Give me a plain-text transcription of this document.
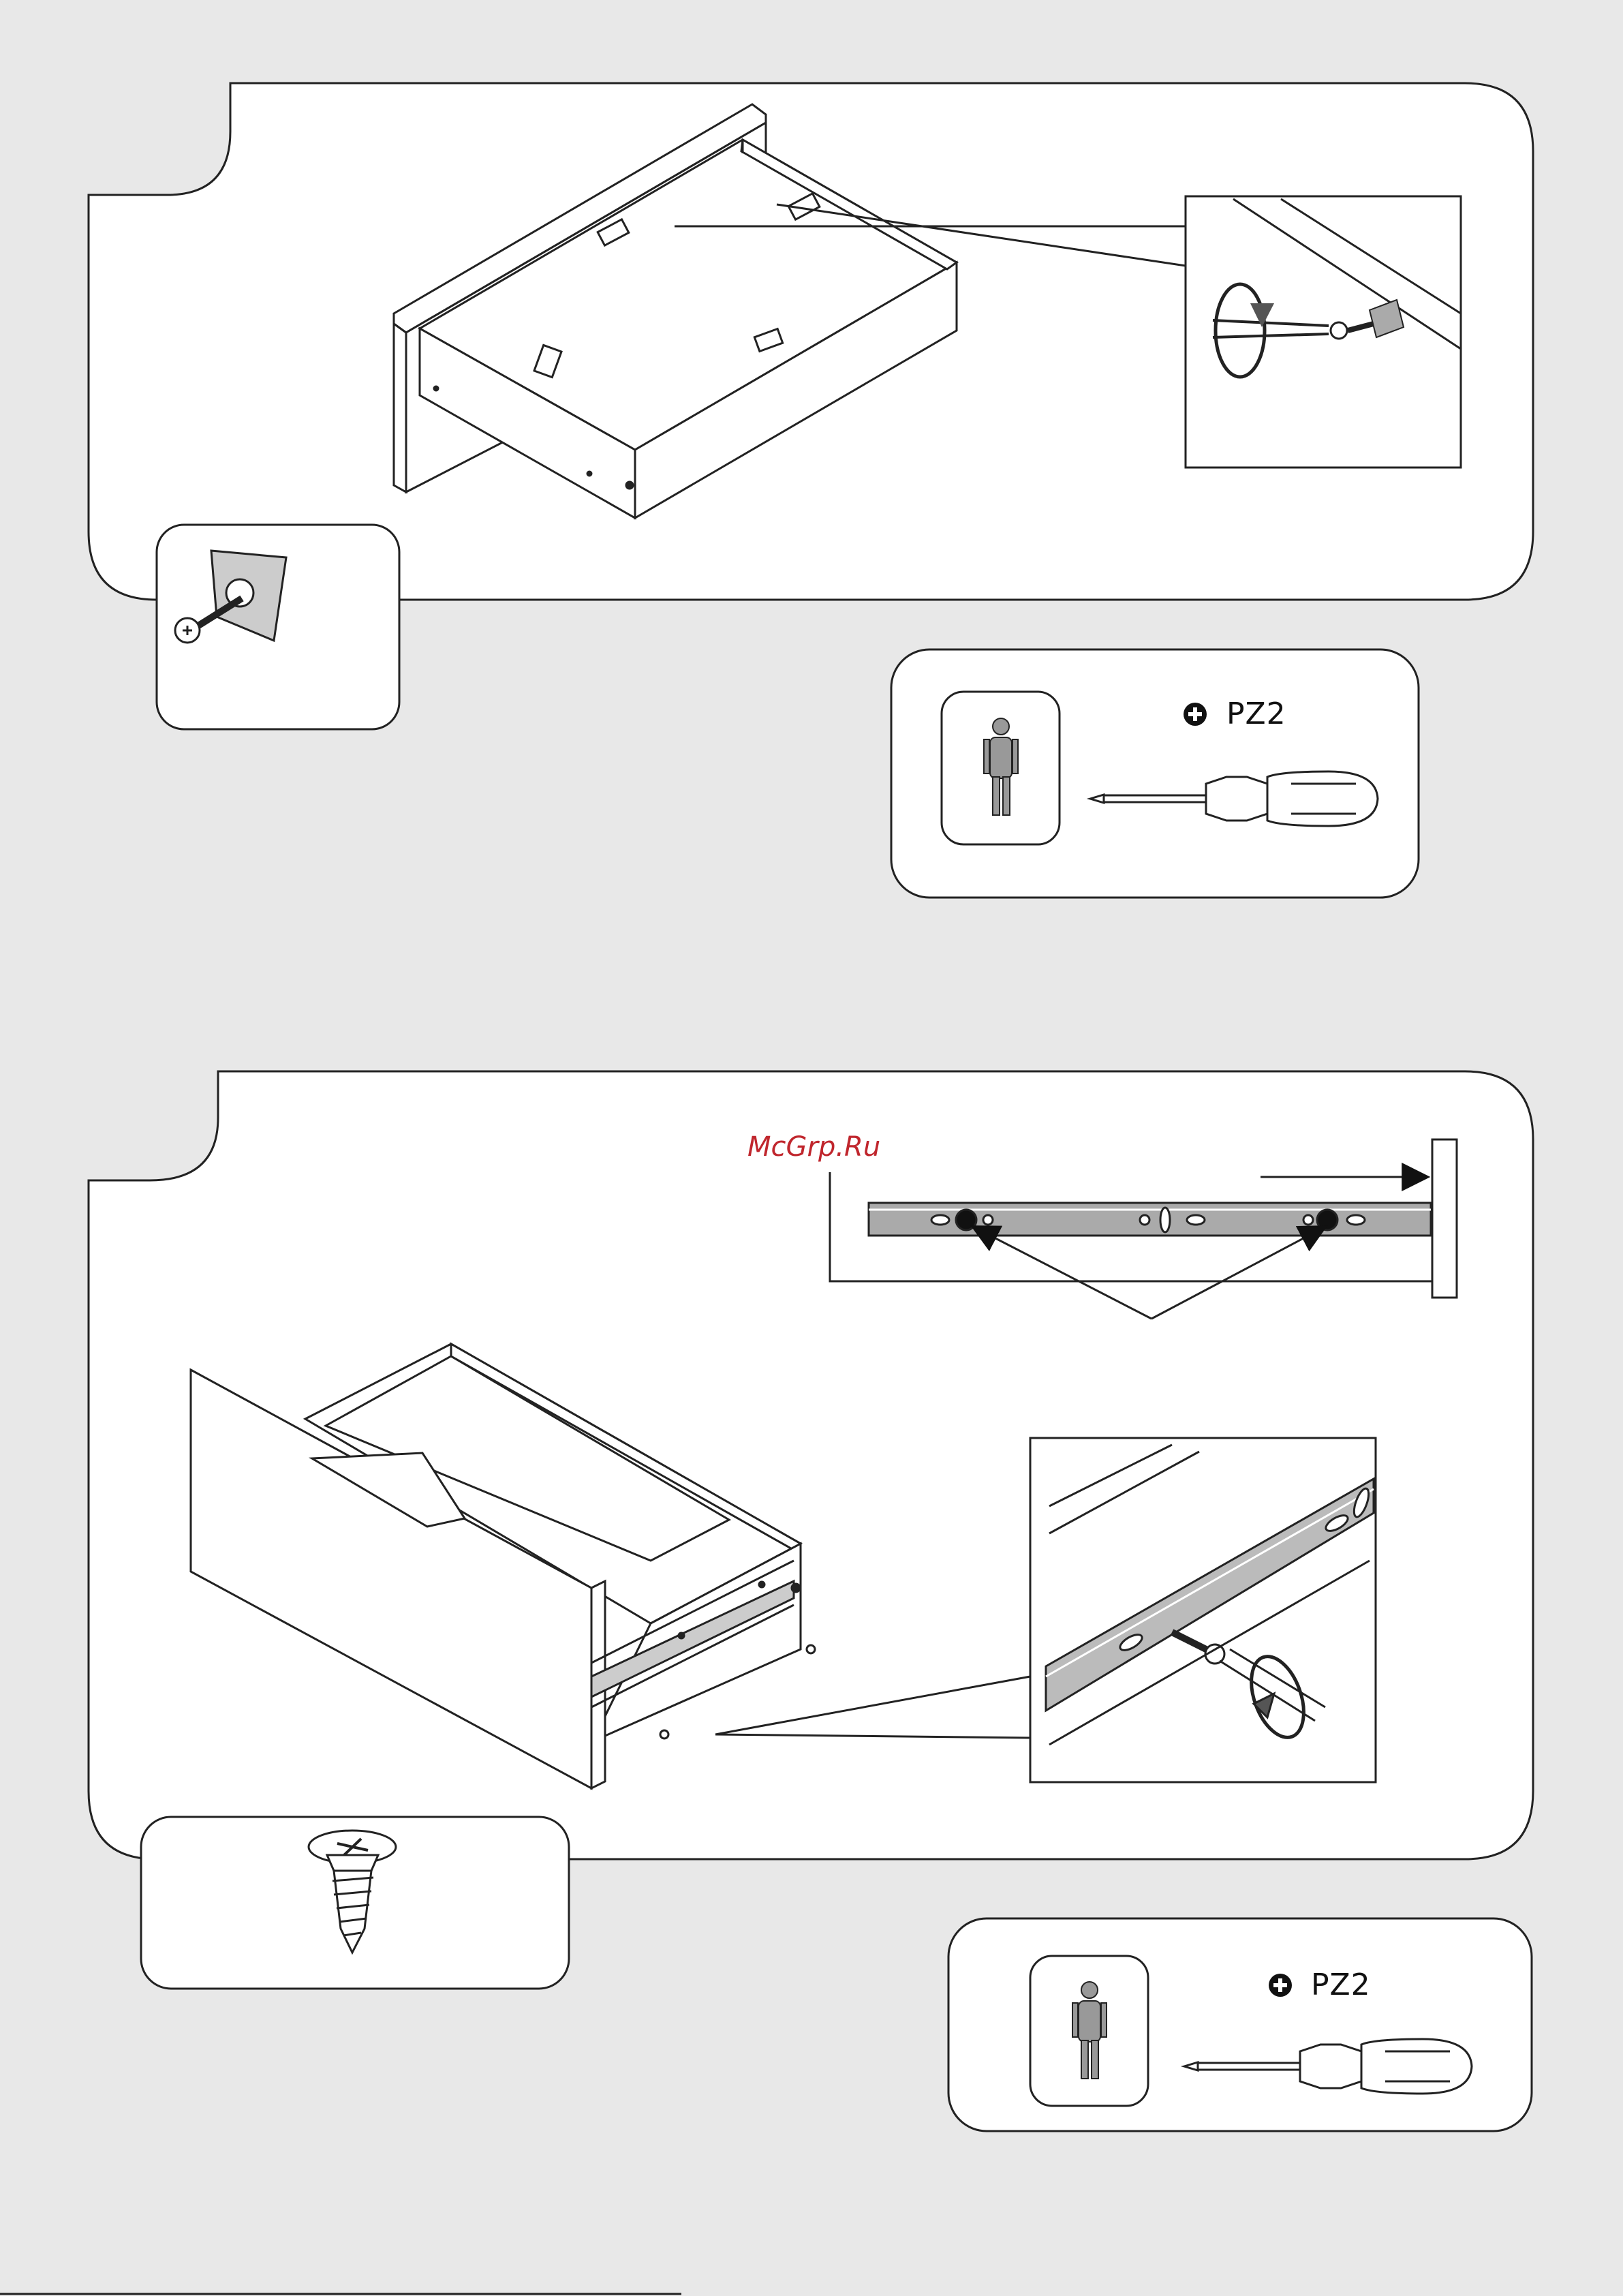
PZ2
PZ2
McGrp.Ru
